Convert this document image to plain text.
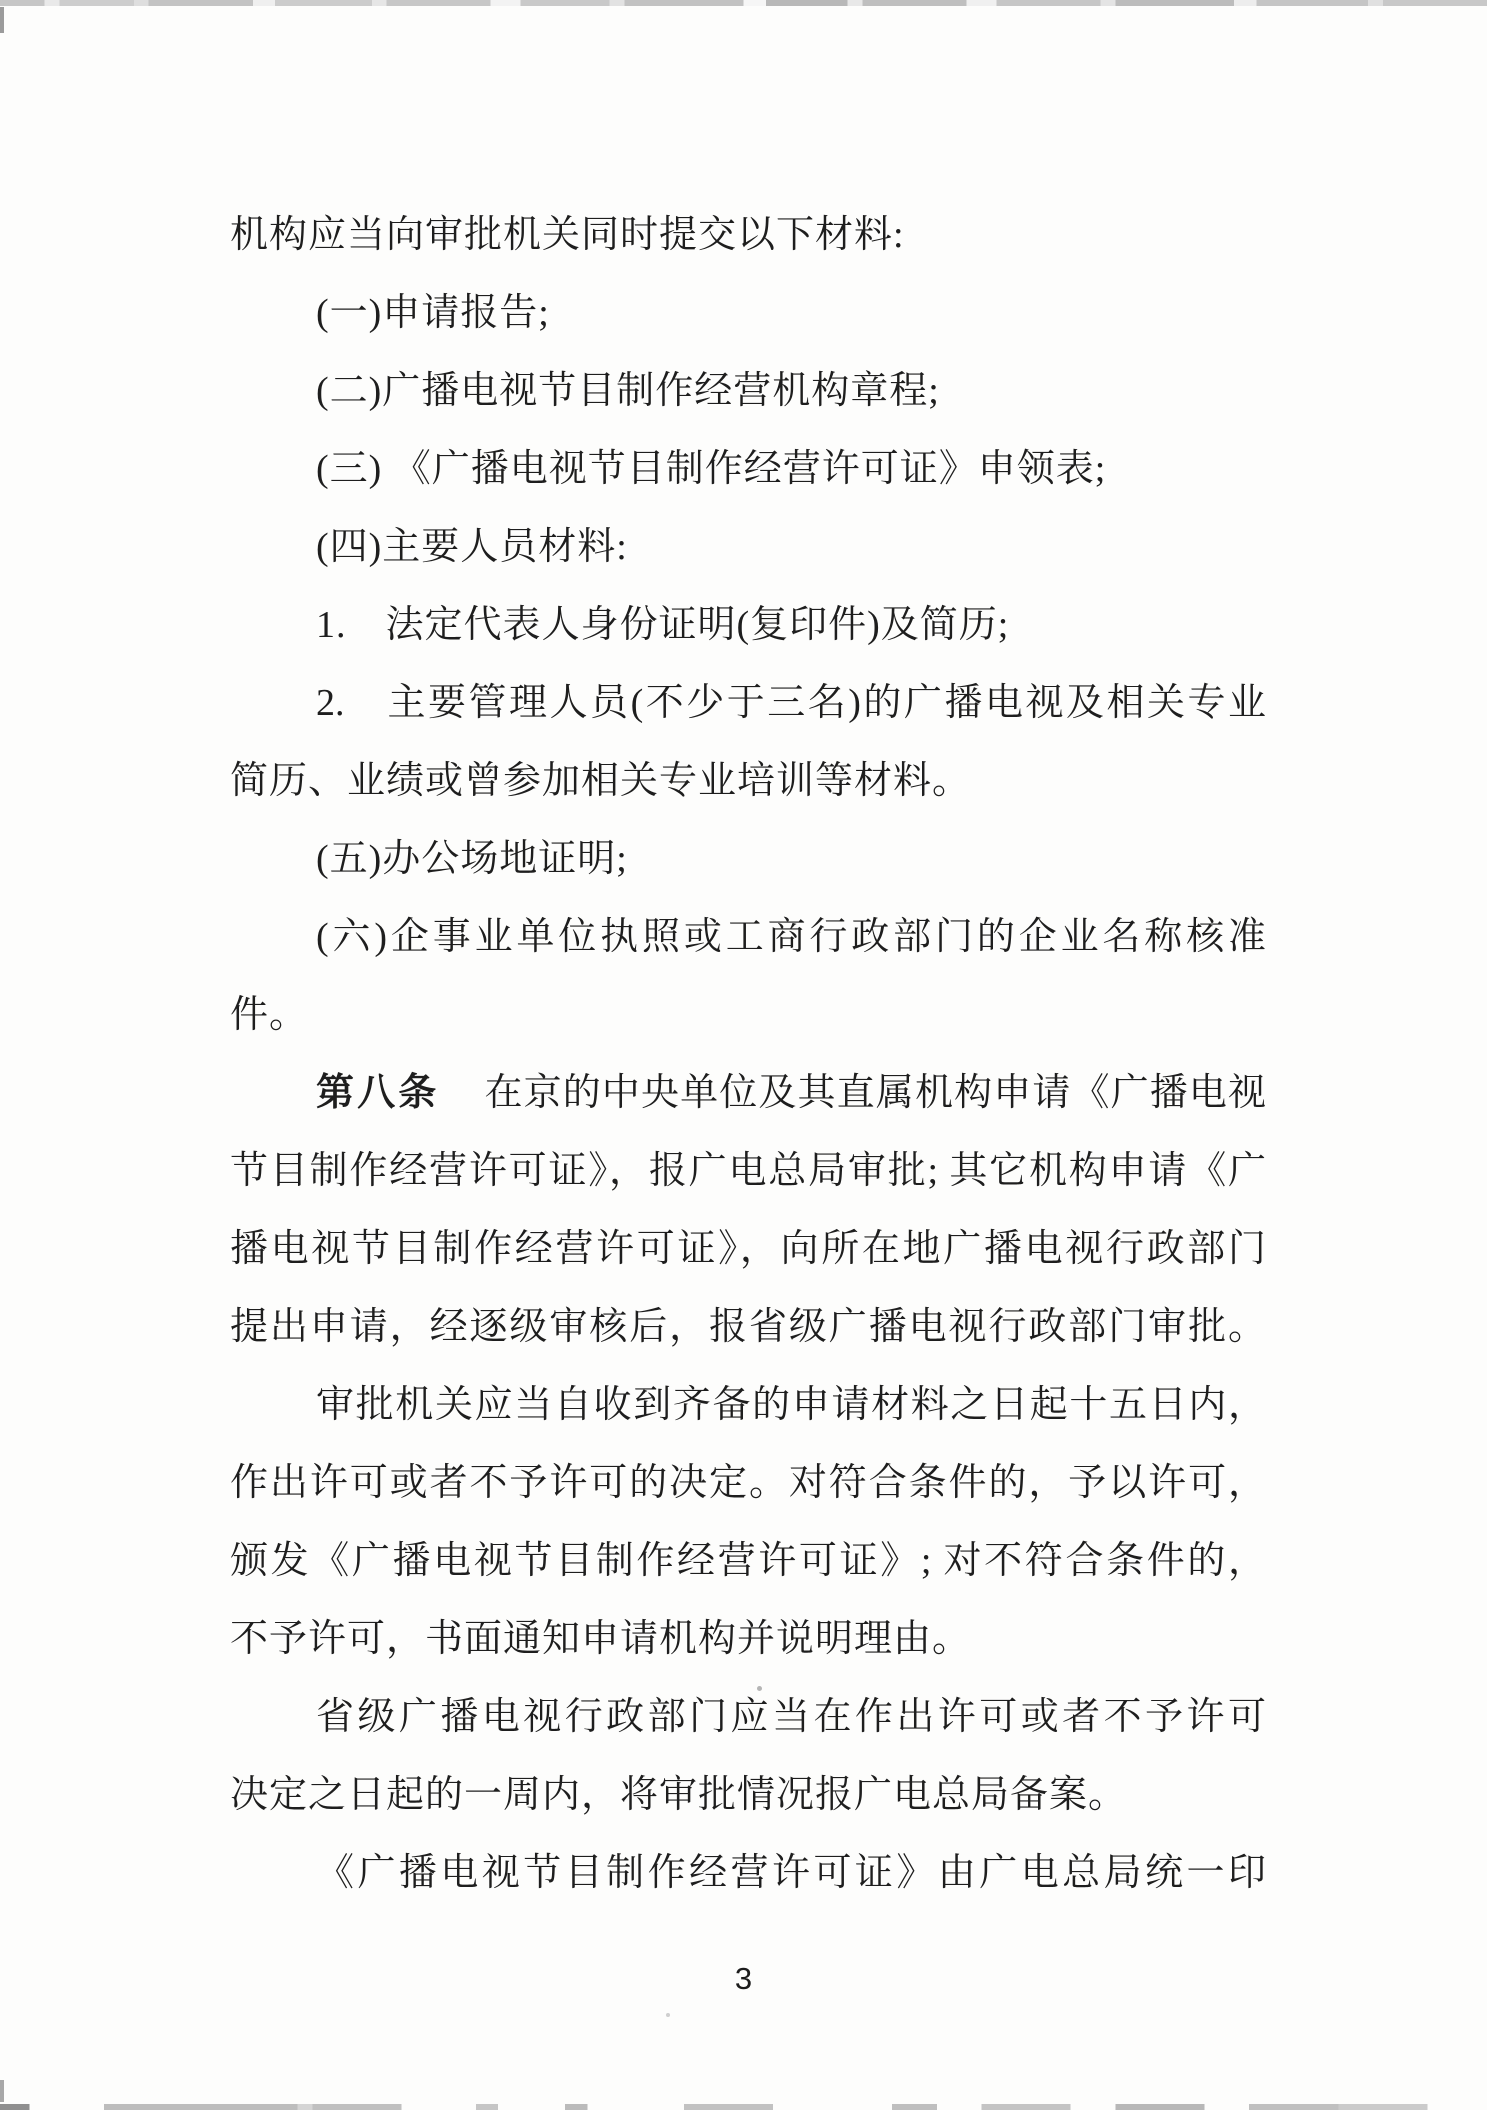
机构应当向审批机关同时提交以下材料:
(一)申请报告;
(二)广播电视节目制作经营机构章程;
(三) 《广播电视节目制作经营许可证》申领表;
(四)主要人员材料:
1.　法定代表人身份证明(复印件)及简历;
2.　主要管理人员(不少于三名)的广播电视及相关专业
简历、业绩或曾参加相关专业培训等材料。
(五)办公场地证明;
(六)企事业单位执照或工商行政部门的企业名称核准
件。
第八条 在京的中央单位及其直属机构申请《广播电视
节目制作经营许可证》，报广电总局审批; 其它机构申请《广
播电视节目制作经营许可证》，向所在地广播电视行政部门
提出申请，经逐级审核后，报省级广播电视行政部门审批。
审批机关应当自收到齐备的申请材料之日起十五日内，
作出许可或者不予许可的决定。对符合条件的，予以许可，
颁发《广播电视节目制作经营许可证》; 对不符合条件的，
不予许可，书面通知申请机构并说明理由。
省级广播电视行政部门应当在作出许可或者不予许可
决定之日起的一周内，将审批情况报广电总局备案。
《广播电视节目制作经营许可证》由广电总局统一印
3
